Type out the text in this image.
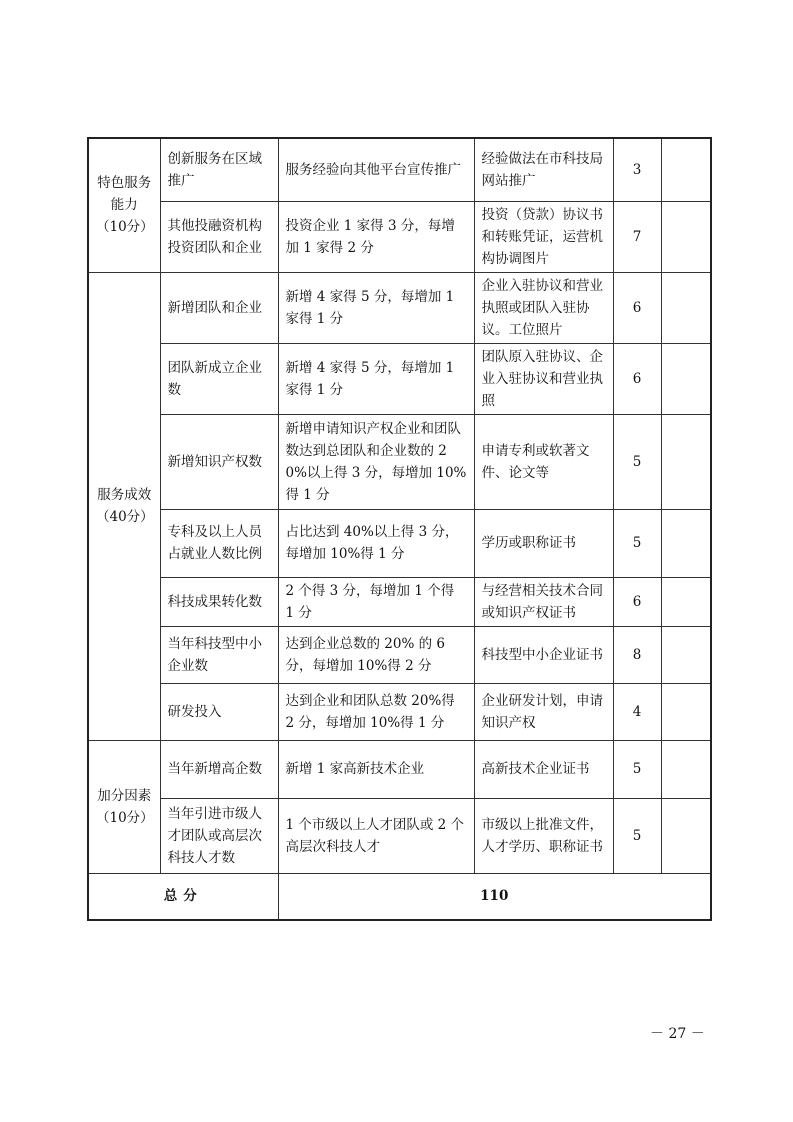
特色服务
能力
（10分）	创新服务在区域推广	服务经验向其他平台宣传推广	经验做法在市科技局网站推广	3	
	其他投融资机构投资团队和企业	投资企业 1 家得 3 分，每增加 1 家得 2 分	投资（贷款）协议书和转账凭证，运营机构协调图片	7	

服务成效
（40分）	新增团队和企业	新增 4 家得 5 分，每增加 1 家得 1 分	企业入驻协议和营业执照或团队入驻协议。工位照片	6	
	团队新成立企业数	新增 4 家得 5 分，每增加 1 家得 1 分	团队原入驻协议、企业入驻协议和营业执照	6	
	新增知识产权数	新增申请知识产权企业和团队数达到总团队和企业数的 20%以上得 3 分，每增加 10%得 1 分	申请专利或软著文件、论文等	5	
	专科及以上人员占就业人数比例	占比达到 40%以上得 3 分，每增加 10%得 1 分	学历或职称证书	5	
	科技成果转化数	2 个得 3 分，每增加 1 个得 1 分	与经营相关技术合同或知识产权证书	6	
	当年科技型中小企业数	达到企业总数的 20% 的 6 分，每增加 10%得 2 分	科技型中小企业证书	8	
	研发投入	达到企业和团队总数 20%得 2 分，每增加 10%得 1 分	企业研发计划，申请知识产权	4	

加分因素
（10分）	当年新增高企数	新增 1 家高新技术企业	高新技术企业证书	5	
	当年引进市级人才团队或高层次科技人才数	1 个市级以上人才团队或 2 个高层次科技人才	市级以上批准文件，人才学历、职称证书	5	
总分		110			
－ 27 －
